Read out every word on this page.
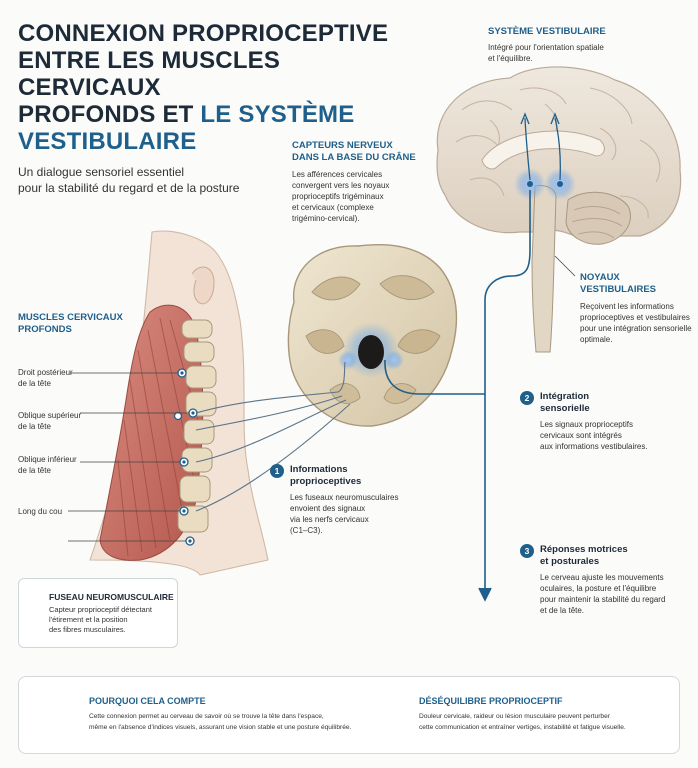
CONNEXION PROPRIOCEPTIVE
ENTRE LES MUSCLES CERVICAUX
PROFONDS ET LE SYSTÈME
VESTIBULAIRE
Un dialogue sensoriel essentiel
pour la stabilité du regard et de la posture
SYSTÈME VESTIBULAIRE
Intégré pour l'orientation spatiale
et l'équilibre.
CAPTEURS NERVEUX
DANS LA BASE DU CRÂNE
Les afférences cervicales
convergent vers les noyaux
proprioceptifs trigéminaux
et cervicaux (complexe
trigémino-cervical).
NOYAUX
VESTIBULAIRES
Reçoivent les informations
proprioceptives et vestibulaires
pour une intégration sensorielle
optimale.
MUSCLES CERVICAUX
PROFONDS
Droit postérieur
de la tête
Oblique supérieur
de la tête
Oblique inférieur
de la tête
Long du cou
1	Informations
proprioceptives
Les fuseaux neuromusculaires
envoient des signaux
via les nerfs cervicaux
(C1–C3).
2	Intégration
sensorielle
Les signaux proprioceptifs
cervicaux sont intégrés
aux informations vestibulaires.
3	Réponses motrices
et posturales
Le cerveau ajuste les mouvements
oculaires, la posture et l'équilibre
pour maintenir la stabilité du regard
et de la tête.
FUSEAU NEUROMUSCULAIRE
Capteur proprioceptif détectant
l'étirement et la position
des fibres musculaires.
POURQUOI CELA COMPTE
Cette connexion permet au cerveau de savoir où se trouve la tête dans l'espace,
même en l'absence d'indices visuels, assurant une vision stable et une posture équilibrée.
DÉSÉQUILIBRE PROPRIOCEPTIF
Douleur cervicale, raideur ou lésion musculaire peuvent perturber
cette communication et entraîner vertiges, instabilité et fatigue visuelle.
